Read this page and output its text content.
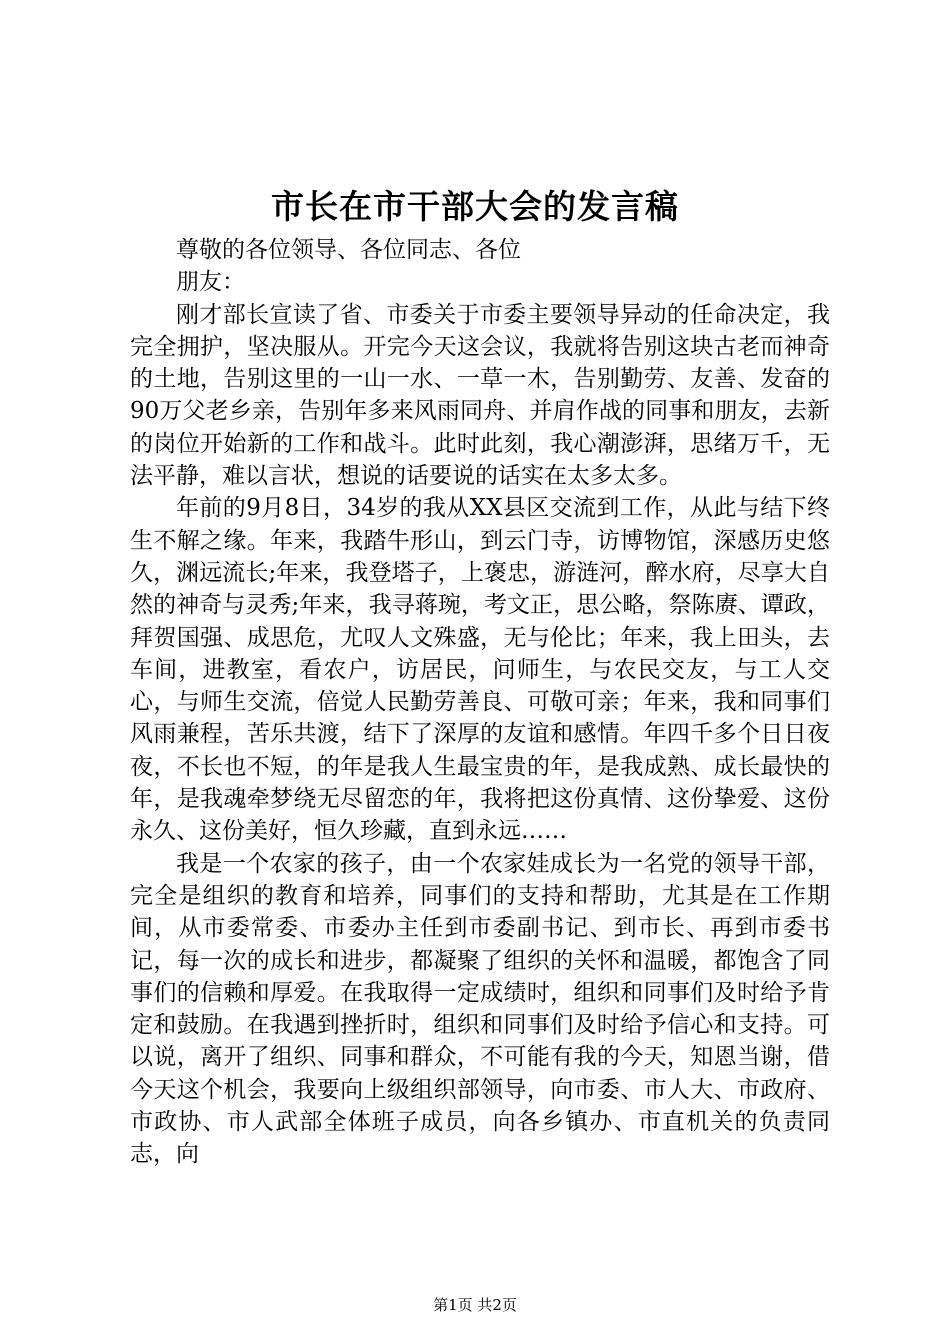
市长在市干部大会的发言稿

尊敬的各位领导、各位同志、各位

朋友：

刚才部长宣读了省、市委关于市委主要领导异动的任命决定，我完全拥护，坚决服从。开完今天这会议，我就将告别这块古老而神奇的土地，告别这里的一山一水、一草一木，告别勤劳、友善、发奋的90万父老乡亲，告别年多来风雨同舟、并肩作战的同事和朋友，去新的岗位开始新的工作和战斗。此时此刻，我心潮澎湃，思绪万千，无法平静，难以言状，想说的话要说的话实在太多太多。

年前的9月8日，34岁的我从XX县区交流到工作，从此与结下终生不解之缘。年来，我踏牛形山，到云门寺，访博物馆，深感历史悠久，渊远流长;年来，我登塔子，上褒忠，游涟河，醉水府，尽享大自然的神奇与灵秀;年来，我寻蒋琬，考文正，思公略，祭陈赓、谭政，拜贺国强、成思危，尤叹人文殊盛，无与伦比；年来，我上田头，去车间，进教室，看农户，访居民，问师生，与农民交友，与工人交心，与师生交流，倍觉人民勤劳善良、可敬可亲；年来，我和同事们风雨兼程，苦乐共渡，结下了深厚的友谊和感情。年四千多个日日夜夜，不长也不短，的年是我人生最宝贵的年，是我成熟、成长最快的年，是我魂牵梦绕无尽留恋的年，我将把这份真情、这份挚爱、这份永久、这份美好，恒久珍藏，直到永远……

我是一个农家的孩子，由一个农家娃成长为一名党的领导干部，完全是组织的教育和培养，同事们的支持和帮助，尤其是在工作期间，从市委常委、市委办主任到市委副书记、到市长、再到市委书记，每一次的成长和进步，都凝聚了组织的关怀和温暖，都饱含了同事们的信赖和厚爱。在我取得一定成绩时，组织和同事们及时给予肯定和鼓励。在我遇到挫折时，组织和同事们及时给予信心和支持。可以说，离开了组织、同事和群众，不可能有我的今天，知恩当谢，借今天这个机会，我要向上级组织部领导，向市委、市人大、市政府、市政协、市人武部全体班子成员，向各乡镇办、市直机关的负责同志，向

第1页 共2页
